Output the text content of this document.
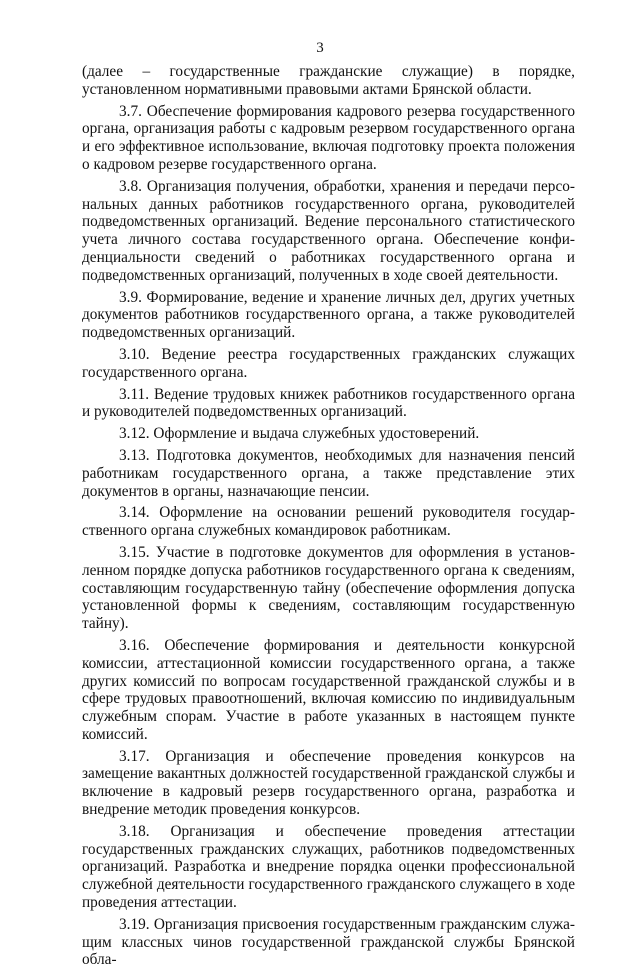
3

(далее – государственные гражданские служащие) в порядке, установленном нормативными правовыми актами Брянской области.

3.7. Обеспечение формирования кадрового резерва государственного органа, организация работы с кадровым резервом государственного органа и его эффективное использование, включая подготовку проекта положения о кадровом резерве государственного органа.

3.8. Организация получения, обработки, хранения и передачи персональных данных работников государственного органа, руководителей подведомственных организаций. Ведение персонального статистического учета личного состава государственного органа. Обеспечение конфиденциальности сведений о работниках государственного органа и подведомственных организаций, полученных в ходе своей деятельности.

3.9. Формирование, ведение и хранение личных дел, других учетных документов работников государственного органа, а также руководителей подведомственных организаций.

3.10. Ведение реестра государственных гражданских служащих государственного органа.

3.11. Ведение трудовых книжек работников государственного органа и руководителей подведомственных организаций.

3.12. Оформление и выдача служебных удостоверений.

3.13. Подготовка документов, необходимых для назначения пенсий работникам государственного органа, а также представление этих документов в органы, назначающие пенсии.

3.14. Оформление на основании решений руководителя государственного органа служебных командировок работникам.

3.15. Участие в подготовке документов для оформления в установленном порядке допуска работников государственного органа к сведениям, составляющим государственную тайну (обеспечение оформления допуска установленной формы к сведениям, составляющим государственную тайну).

3.16. Обеспечение формирования и деятельности конкурсной комиссии, аттестационной комиссии государственного органа, а также других комиссий по вопросам государственной гражданской службы и в сфере трудовых правоотношений, включая комиссию по индивидуальным служебным спорам. Участие в работе указанных в настоящем пункте комиссий.

3.17. Организация и обеспечение проведения конкурсов на замещение вакантных должностей государственной гражданской службы и включение в кадровый резерв государственного органа, разработка и внедрение методик проведения конкурсов.

3.18. Организация и обеспечение проведения аттестации государственных гражданских служащих, работников подведомственных организаций. Разработка и внедрение порядка оценки профессиональной служебной деятельности государственного гражданского служащего в ходе проведения аттестации.

3.19. Организация присвоения государственным гражданским служащим классных чинов государственной гражданской службы Брянской обла-
